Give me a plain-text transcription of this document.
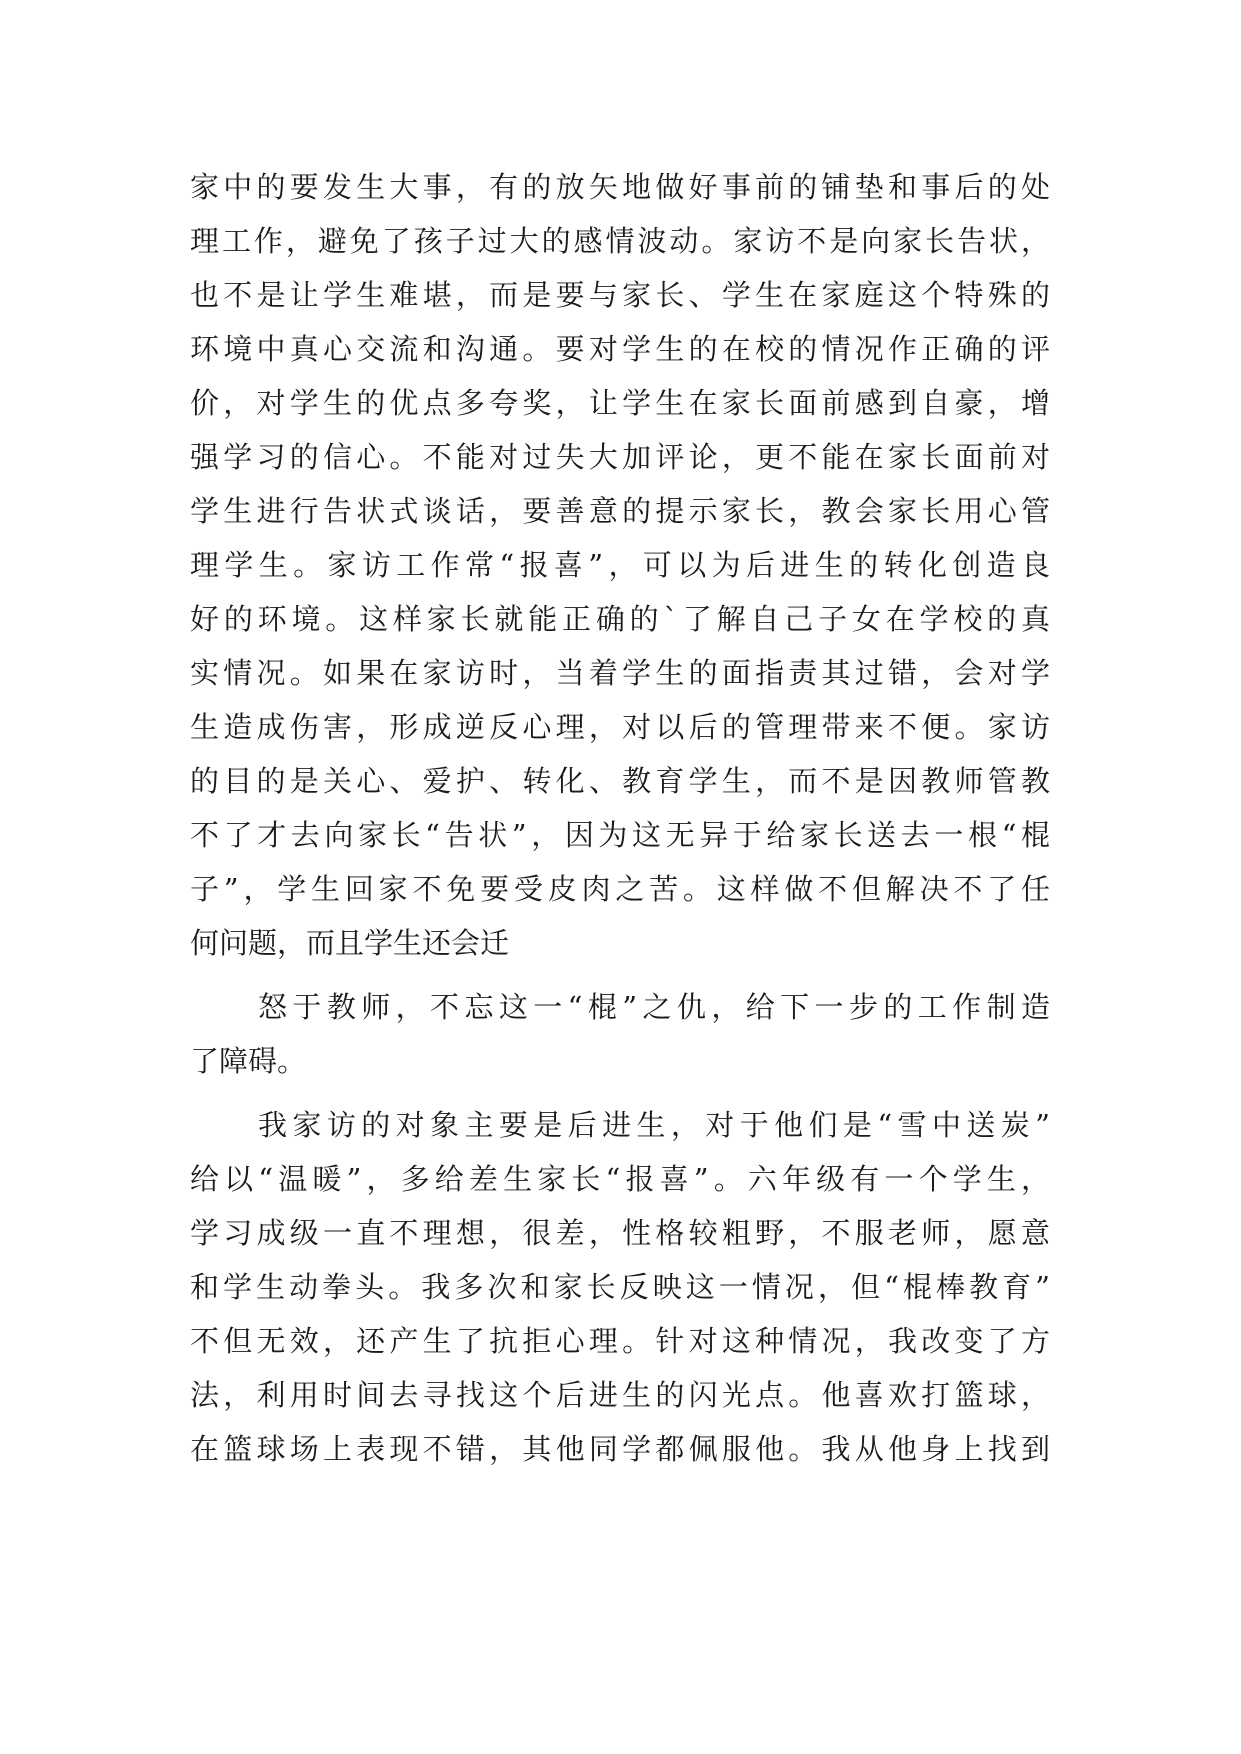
家中的要发生大事，有的放矢地做好事前的铺垫和事后的处
理工作，避免了孩子过大的感情波动。家访不是向家长告状，
也不是让学生难堪，而是要与家长、学生在家庭这个特殊的
环境中真心交流和沟通。要对学生的在校的情况作正确的评
价，对学生的优点多夸奖，让学生在家长面前感到自豪，增
强学习的信心。不能对过失大加评论，更不能在家长面前对
学生进行告状式谈话，要善意的提示家长，教会家长用心管
理学生。家访工作常“报喜”，可以为后进生的转化创造良
好的环境。这样家长就能正确的`了解自己子女在学校的真
实情况。如果在家访时，当着学生的面指责其过错，会对学
生造成伤害，形成逆反心理，对以后的管理带来不便。家访
的目的是关心、爱护、转化、教育学生，而不是因教师管教
不了才去向家长“告状”，因为这无异于给家长送去一根“棍
子”，学生回家不免要受皮肉之苦。这样做不但解决不了任
何问题，而且学生还会迁
怒于教师，不忘这一“棍”之仇，给下一步的工作制造
了障碍。
我家访的对象主要是后进生，对于他们是“雪中送炭”
给以“温暖”，多给差生家长“报喜”。六年级有一个学生，
学习成级一直不理想，很差，性格较粗野，不服老师，愿意
和学生动拳头。我多次和家长反映这一情况，但“棍棒教育”
不但无效，还产生了抗拒心理。针对这种情况，我改变了方
法，利用时间去寻找这个后进生的闪光点。他喜欢打篮球，
在篮球场上表现不错，其他同学都佩服他。我从他身上找到
